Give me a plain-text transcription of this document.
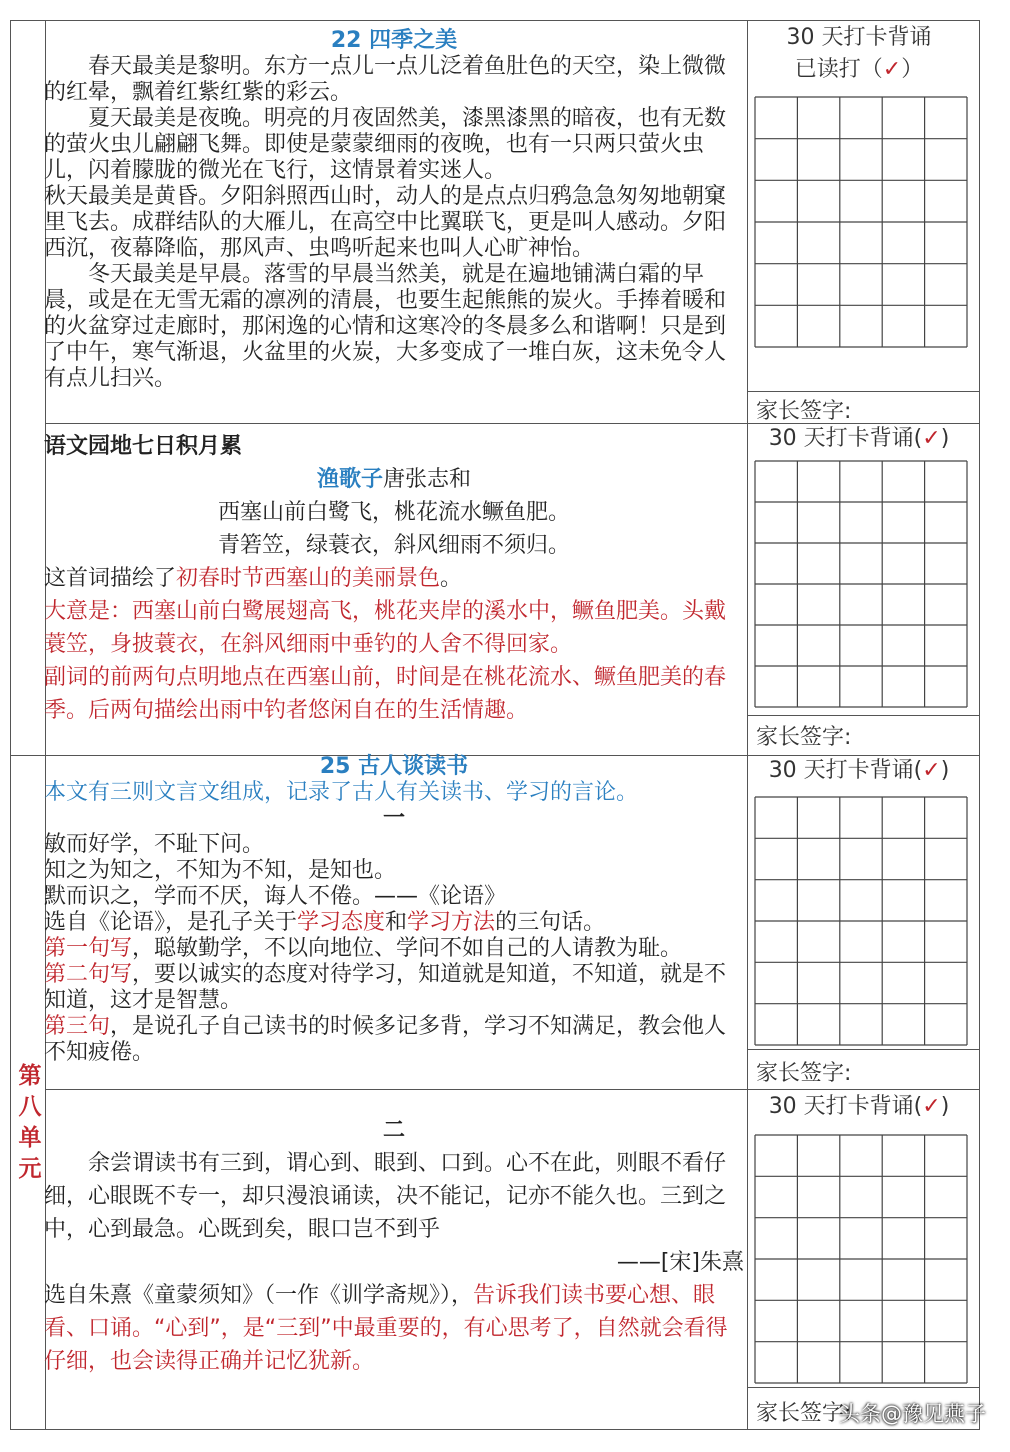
第
八
单
元
22 四季之美

春天最美是黎明。东方一点儿一点儿泛着鱼肚色的天空，染上微微的红晕，飘着红紫红紫的彩云。

夏天最美是夜晚。明亮的月夜固然美，漆黑漆黑的暗夜，也有无数的萤火虫儿翩翩飞舞。即使是蒙蒙细雨的夜晚，也有一只两只萤火虫儿，闪着朦胧的微光在飞行，这情景着实迷人。

秋天最美是黄昏。夕阳斜照西山时，动人的是点点归鸦急急匆匆地朝窠里飞去。成群结队的大雁儿，在高空中比翼联飞，更是叫人感动。夕阳西沉，夜幕降临，那风声、虫鸣听起来也叫人心旷神怡。

冬天最美是早晨。落雪的早晨当然美，就是在遍地铺满白霜的早晨，或是在无雪无霜的凛冽的清晨，也要生起熊熊的炭火。手捧着暖和的火盆穿过走廊时，那闲逸的心情和这寒冷的冬晨多么和谐啊！只是到了中午，寒气渐退，火盆里的火炭，大多变成了一堆白灰，这未免令人有点儿扫兴。

语文园地七日积月累
渔歌子唐张志和
西塞山前白鹭飞，桃花流水鳜鱼肥。
青箬笠，绿蓑衣，斜风细雨不须归。
这首词描绘了初春时节西塞山的美丽景色。

大意是：西塞山前白鹭展翅高飞，桃花夹岸的溪水中，鳜鱼肥美。头戴蓑笠，身披蓑衣，在斜风细雨中垂钓的人舍不得回家。

副词的前两句点明地点在西塞山前，时间是在桃花流水、鳜鱼肥美的春季。后两句描绘出雨中钓者悠闲自在的生活情趣。

25 古人谈读书

本文有三则文言文组成，记录了古人有关读书、学习的言论。

一
敏而好学，不耻下问。
知之为知之，不知为不知，是知也。
默而识之，学而不厌，诲人不倦。——《论语》
选自《论语》，是孔子关于学习态度和学习方法的三句话。

第一句写，聪敏勤学，不以向地位、学问不如自己的人请教为耻。

第二句写，要以诚实的态度对待学习，知道就是知道，不知道，就是不知道，这才是智慧。

第三句，是说孔子自己读书的时候多记多背，学习不知满足，教会他人不知疲倦。

二

余尝谓读书有三到，谓心到、眼到、口到。心不在此，则眼不看仔细，心眼既不专一，却只漫浪诵读，决不能记，记亦不能久也。三到之中，心到最急。心既到矣，眼口岂不到乎

——[宋]朱熹

选自朱熹《童蒙须知》（一作《训学斋规》），告诉我们读书要心想、眼看、口诵。“心到”，是“三到”中最重要的，有心思考了，自然就会看得仔细，也会读得正确并记忆犹新。

30 天打卡背诵
已读打（✓）
家长签字:
30 天打卡背诵(✓)
家长签字:
30 天打卡背诵(✓)
家长签字:
30 天打卡背诵(✓)
家长签字:
头条@豫见燕子
